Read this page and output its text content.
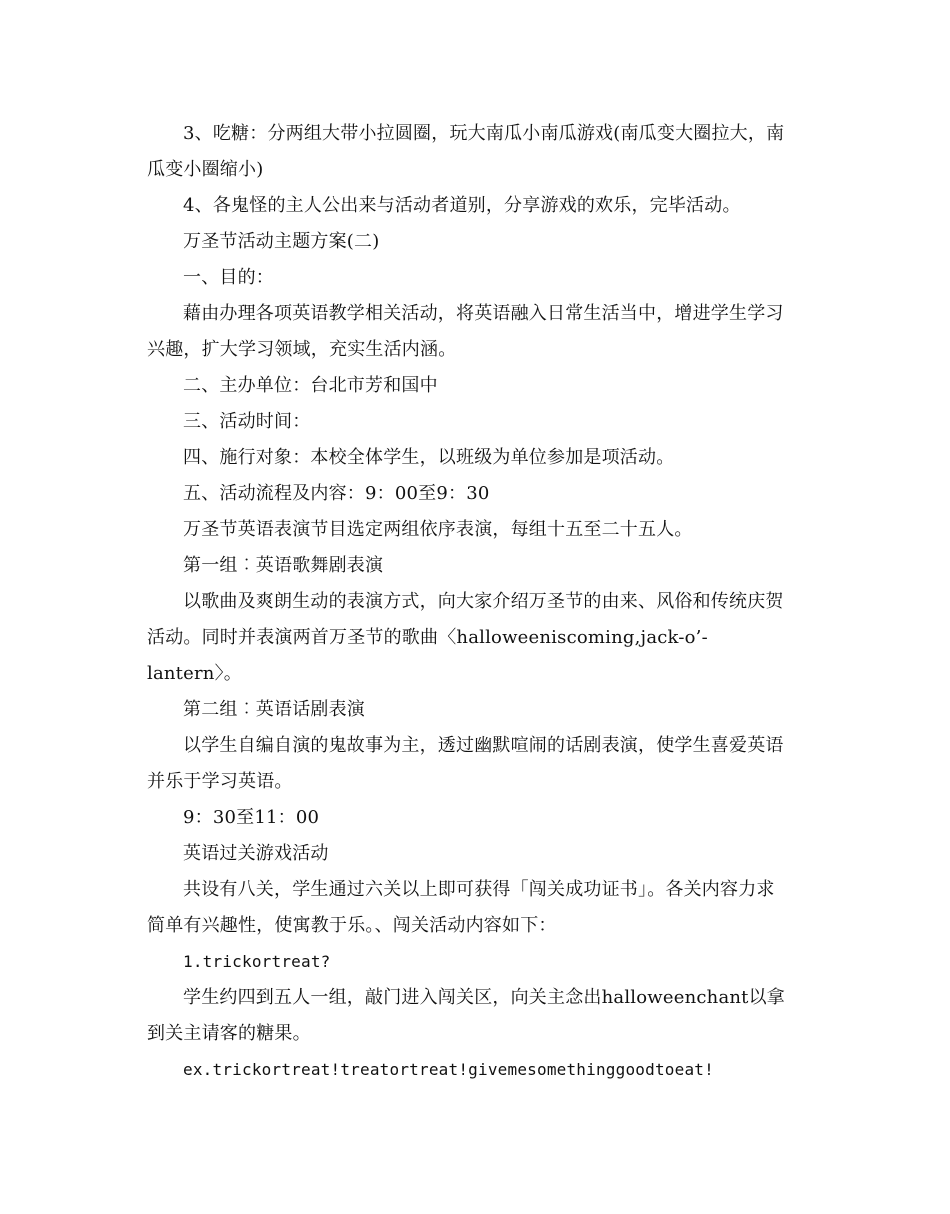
3、吃糖：分两组大带小拉圆圈，玩大南瓜小南瓜游戏(南瓜变大圈拉大，南
瓜变小圈缩小)
4、各鬼怪的主人公出来与活动者道别，分享游戏的欢乐，完毕活动。
万圣节活动主题方案(二)
一、目的：
藉由办理各项英语教学相关活动，将英语融入日常生活当中，增进学生学习
兴趣，扩大学习领域，充实生活内涵。
二、主办单位：台北市芳和国中
三、活动时间：
四、施行对象：本校全体学生，以班级为单位参加是项活动。
五、活动流程及内容：9：00至9：30
万圣节英语表演节目选定两组依序表演，每组十五至二十五人。
第一组︰英语歌舞剧表演
以歌曲及爽朗生动的表演方式，向大家介绍万圣节的由来、风俗和传统庆贺
活动。同时并表演两首万圣节的歌曲〈halloweeniscoming,jack-o’-
lantern〉。
第二组︰英语话剧表演
以学生自编自演的鬼故事为主，透过幽默喧闹的话剧表演，使学生喜爱英语
并乐于学习英语。
9：30至11：00
英语过关游戏活动
共设有八关，学生通过六关以上即可获得「闯关成功证书」。各关内容力求
简单有兴趣性，使寓教于乐。、闯关活动内容如下：
1.trickortreat?
学生约四到五人一组，敲门进入闯关区，向关主念出halloweenchant以拿
到关主请客的糖果。
ex.trickortreat!treatortreat!givemesomethinggoodtoeat!
